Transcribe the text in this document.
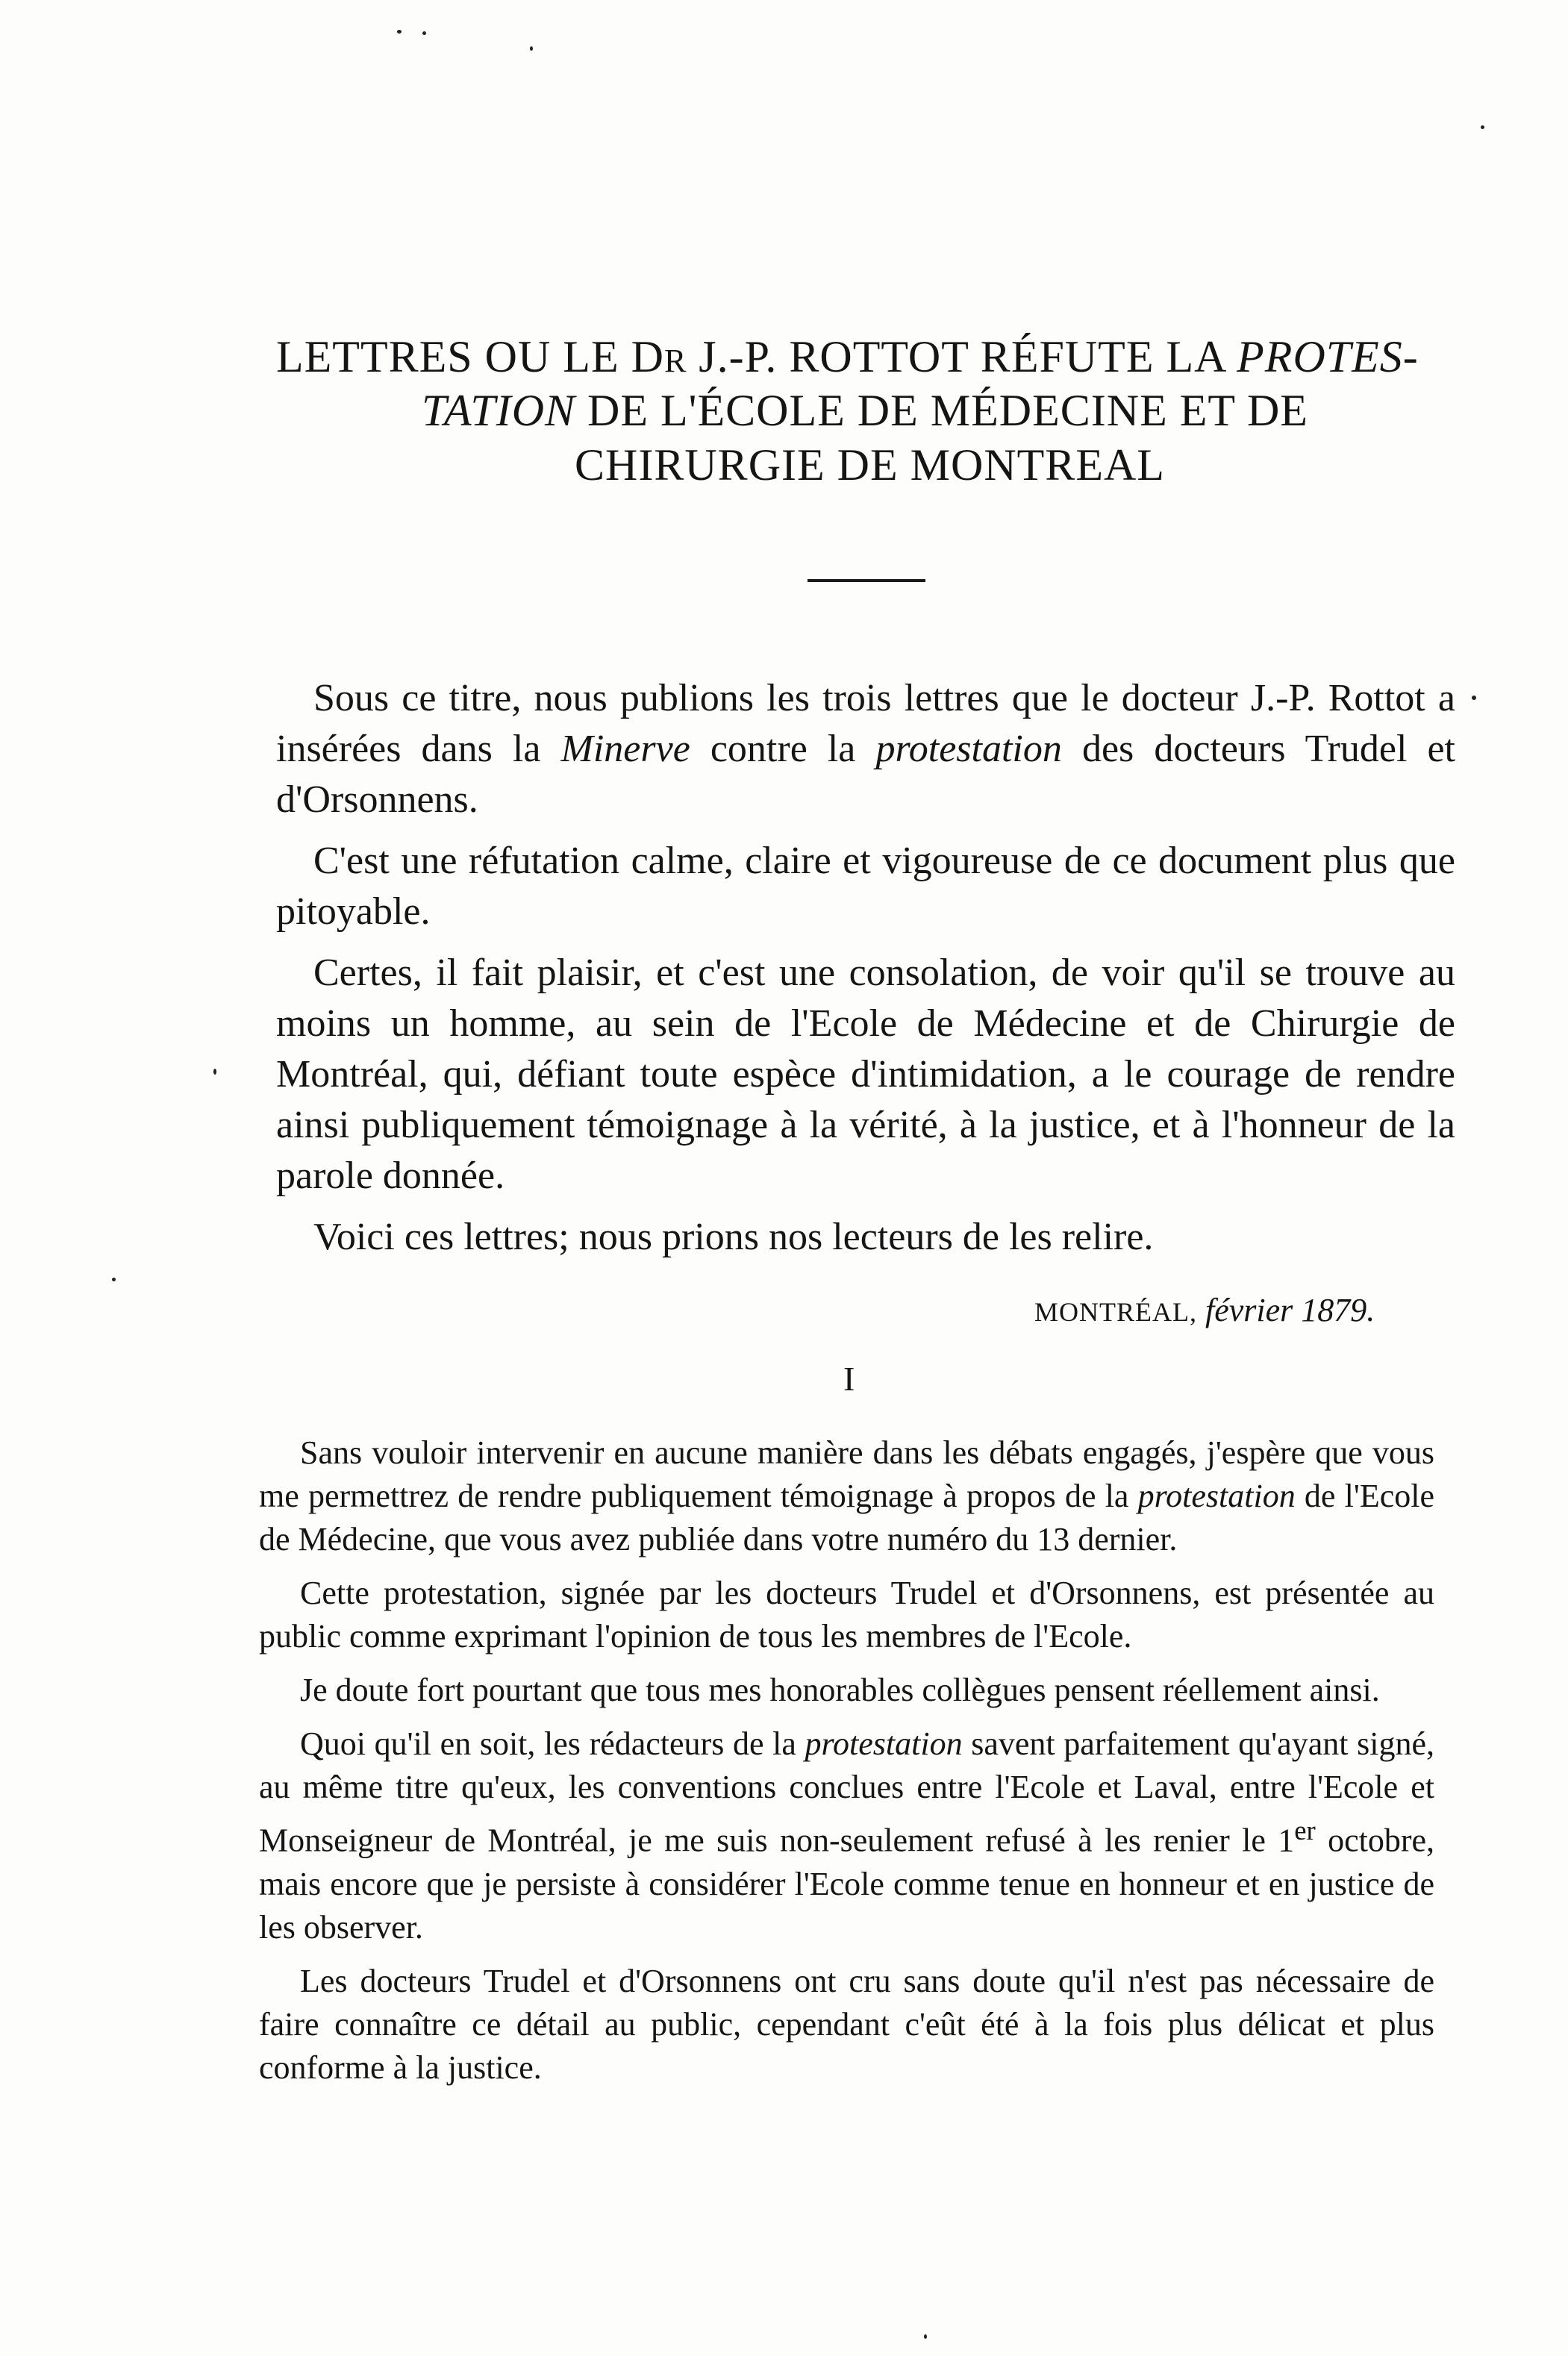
LETTRES OU LE DR J.-P. ROTTOT RÉFUTE LA PROTES-
TATION DE L'ÉCOLE DE MÉDECINE ET DE
CHIRURGIE DE MONTREAL

Sous ce titre, nous publions les trois lettres que le docteur J.-P. Rottot a insérées dans la Minerve contre la protestation des docteurs Trudel et d'Orsonnens.

C'est une réfutation calme, claire et vigoureuse de ce document plus que pitoyable.

Certes, il fait plaisir, et c'est une consolation, de voir qu'il se trouve au moins un homme, au sein de l'Ecole de Médecine et de Chirurgie de Montréal, qui, défiant toute espèce d'intimidation, a le courage de rendre ainsi publiquement témoignage à la vérité, à la justice, et à l'honneur de la parole donnée.

Voici ces lettres; nous prions nos lecteurs de les relire.

MONTRÉAL, février 1879.
I

Sans vouloir intervenir en aucune manière dans les débats engagés, j'espère que vous me permettrez de rendre publiquement témoignage à propos de la protestation de l'Ecole de Médecine, que vous avez publiée dans votre numéro du 13 dernier.

Cette protestation, signée par les docteurs Trudel et d'Orsonnens, est présentée au public comme exprimant l'opinion de tous les membres de l'Ecole.

Je doute fort pourtant que tous mes honorables collègues pensent réellement ainsi.

Quoi qu'il en soit, les rédacteurs de la protestation savent parfaitement qu'ayant signé, au même titre qu'eux, les conventions conclues entre l'Ecole et Laval, entre l'Ecole et Monseigneur de Montréal, je me suis non-seulement refusé à les renier le 1er octobre, mais encore que je persiste à considérer l'Ecole comme tenue en honneur et en justice de les observer.

Les docteurs Trudel et d'Orsonnens ont cru sans doute qu'il n'est pas nécessaire de faire connaître ce détail au public, cependant c'eût été à la fois plus délicat et plus conforme à la justice.
